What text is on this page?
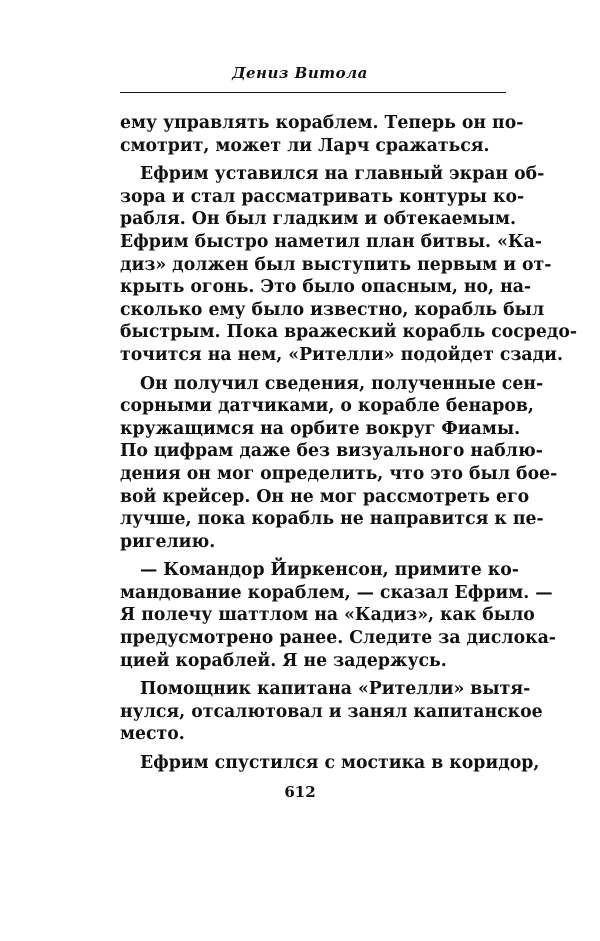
Дениз Витола
ему управлять кораблем. Теперь он по-
смотрит, может ли Ларч сражаться.
Ефрим уставился на главный экран об-
зора и стал рассматривать контуры ко-
рабля. Он был гладким и обтекаемым.
Ефрим быстро наметил план битвы. «Ка-
диз» должен был выступить первым и от-
крыть огонь. Это было опасным, но, на-
сколько ему было известно, корабль был
быстрым. Пока вражеский корабль сосредо-
точится на нем, «Рителли» подойдет сзади.
Он получил сведения, полученные сен-
сорными датчиками, о корабле бенаров,
кружащимся на орбите вокруг Фиамы.
По цифрам даже без визуального наблю-
дения он мог определить, что это был бое-
вой крейсер. Он не мог рассмотреть его
лучше, пока корабль не направится к пе-
ригелию.
— Командор Йиркенсон, примите ко-
мандование кораблем, — сказал Ефрим. —
Я полечу шаттлом на «Кадиз», как было
предусмотрено ранее. Следите за дислока-
цией кораблей. Я не задержусь.
Помощник капитана «Рителли» вытя-
нулся, отсалютовал и занял капитанское
место.
Ефрим спустился с мостика в коридор,
612
